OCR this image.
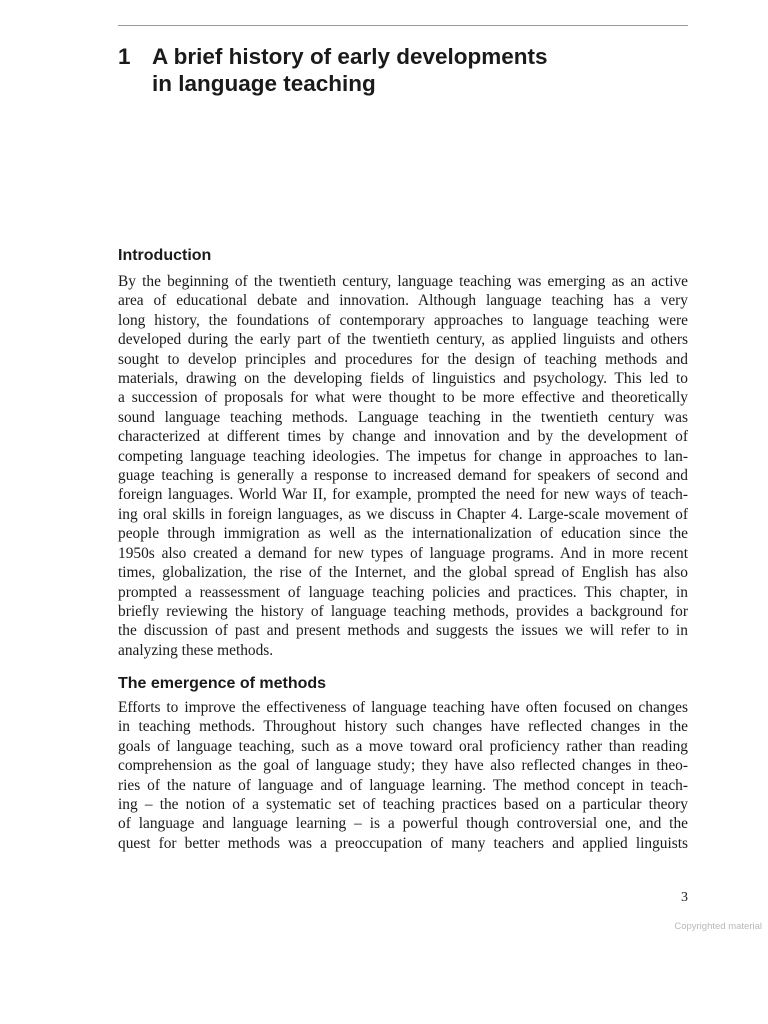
1 A brief history of early developments
in language teaching
Introduction

By the beginning of the twentieth century, language teaching was emerging as an active
area of educational debate and innovation. Although language teaching has a very
long history, the foundations of contemporary approaches to language teaching were
developed during the early part of the twentieth century, as applied linguists and others
sought to develop principles and procedures for the design of teaching methods and
materials, drawing on the developing fields of linguistics and psychology. This led to
a succession of proposals for what were thought to be more effective and theoretically
sound language teaching methods. Language teaching in the twentieth century was
characterized at different times by change and innovation and by the development of
competing language teaching ideologies. The impetus for change in approaches to lan-
guage teaching is generally a response to increased demand for speakers of second and
foreign languages. World War II, for example, prompted the need for new ways of teach-
ing oral skills in foreign languages, as we discuss in Chapter 4. Large-scale movement of
people through immigration as well as the internationalization of education since the
1950s also created a demand for new types of language programs. And in more recent
times, globalization, the rise of the Internet, and the global spread of English has also
prompted a reassessment of language teaching policies and practices. This chapter, in
briefly reviewing the history of language teaching methods, provides a background for
the discussion of past and present methods and suggests the issues we will refer to in
analyzing these methods.

The emergence of methods

Efforts to improve the effectiveness of language teaching have often focused on changes
in teaching methods. Throughout history such changes have reflected changes in the
goals of language teaching, such as a move toward oral proficiency rather than reading
comprehension as the goal of language study; they have also reflected changes in theo-
ries of the nature of language and of language learning. The method concept in teach-
ing – the notion of a systematic set of teaching practices based on a particular theory
of language and language learning – is a powerful though controversial one, and the
quest for better methods was a preoccupation of many teachers and applied linguists

3
Copyrighted material
